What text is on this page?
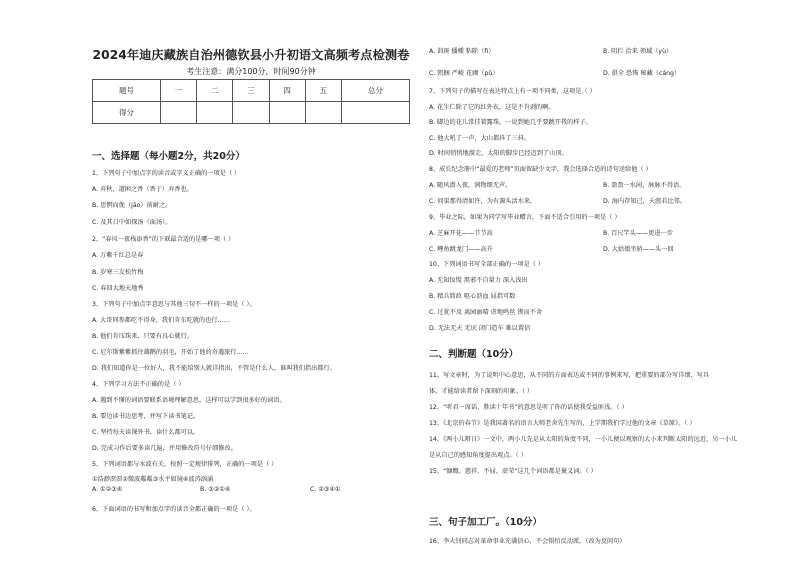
2024年迪庆藏族自治州德钦县小升初语文高频考点检测卷
考生注意：满分100分，时间90分钟
题号	一	二	三	四	五	总分
得分						
一、选择题（每小题2分，共20分）
1、下列句子中加点字的读音或字义正确的一项是（ ）
A. 弃秋，道困之香（香于）弃香也。
B. 思惘而俛（jāo）前耐之。
C. 及其日中如探汤（面汤）。
2、“春风一夜栈添香”的下联最合适的是哪一项（ ）
A. 万紫千红总是春
B. 岁寒三友松竹梅
C. 春回大地天地秀
3、下列句子中加点字意思与其他三句不一样的一项是（ ）。
A. 大哥同参都吃不得身，我们肯东吃就的也行……
B. 他们肯压珠来，只要有良心就行。
C. 尼尔斯紫紫抓住雄鹅的羽毛，开始了他的奇遇旅行……
D. 我们知道你是一位好人，我不能给别人就详指出，不管是什么人，谁叫我们指出都行。
4、下列学习方法不正确的是（ ）
A. 遇到不懂的词语要联系语境理解意思，这样可以学到很多好的词语。
B. 要边读书边思考，并写下读书笔记。
C. 坚持每天读课外书，读什么都可以。
D. 完成习作后要多读几遍，并用修改符号仔细修改。
5、下列词语都与水波有关，按照一定规律排列，正确的一项是（ ）
①浩渺溟溟②微波粼粼③水平如镜④波涛汹涌
6、下面词语的书写和加点字的读音全都正确的一项是（ ）。
A. ①②③④	B. ③②①④	C. ②③④①
A. 训斑 播種 粘除（fì）	B. 阻拦 洽来 领域（yù）
C. 凯捆 严峻 花圃（pǔ）	D. 俱全 恐怖 秘藏（cáng）
7、下列句子的描写在表达特点上有一项不同类，这项是（ ）
A. 花生仁除了它的红外衣，这是不肯剥的啊。
B. 脚边的花儿常挂着露珠，一说到她几乎要跳开我的样子。
C. 他大吼了一声，大山都抖了三抖。
D. 时间悄悄地溜走，太阳的脚步已经迈到了山顶。
8、成长纪念册中“最爱的老师”页面留缺少文字，我会选择合适的诗句送给他（ ）
A. 随风潜入夜，润物细无声。	B. 盈盈一水间，脉脉不得语。
C. 问渠那得清如许，为有源头活水来。	D. 海内存知己，天涯若比邻。
9、毕业之际，如果为同学写毕业赠言，下面不适合引用的一项是（ ）
A. 芝麻开花——节节高	B. 百尺竿头——更进一步
C. 鲤鱼跳龙门——高升	D. 大姑娘坐轿——头一回
10、下列词语书写全部正确的一项是（ ）
A. 无知惊慌 黑邪不自量力 深入浅出
B. 精兵简政 呕心沥血 屈指可数
C. 过犹不及 离园丽晴 虐地鸣丝 锲而不舍
D. 无法无天 无厌 闭门造车 难以置信
11、写文章时，为了说明中心意思，从不同的方面表达或不同的事例来写，把重要的部分写详细、写具
体，才能给读者留下深刻的印象。（ ）
12、“听君一席话，胜读十年书”的意思是听了你的话使我受益匪浅。（ ）
13、《北京的春节》是我国著名的语言大师老舍先生写的，上学期我们学过他的文章《草原》。（ ）
14、《两小儿辩日》一文中，两小儿先是从太阳的角度不同，一小儿便以观察的大小来判断太阳的远近，另一小儿
是从自己的感知角度提出观点。（ ）
15、“慷慨、慈祥、不屈、虚荣”这几个词语都是褒义词。（ ）
16、李大钊同志对革命事业充满信心，不会惧怕反动派。（改为反问句）
二、判断题（10分）
三、句子加工厂。（10分）
